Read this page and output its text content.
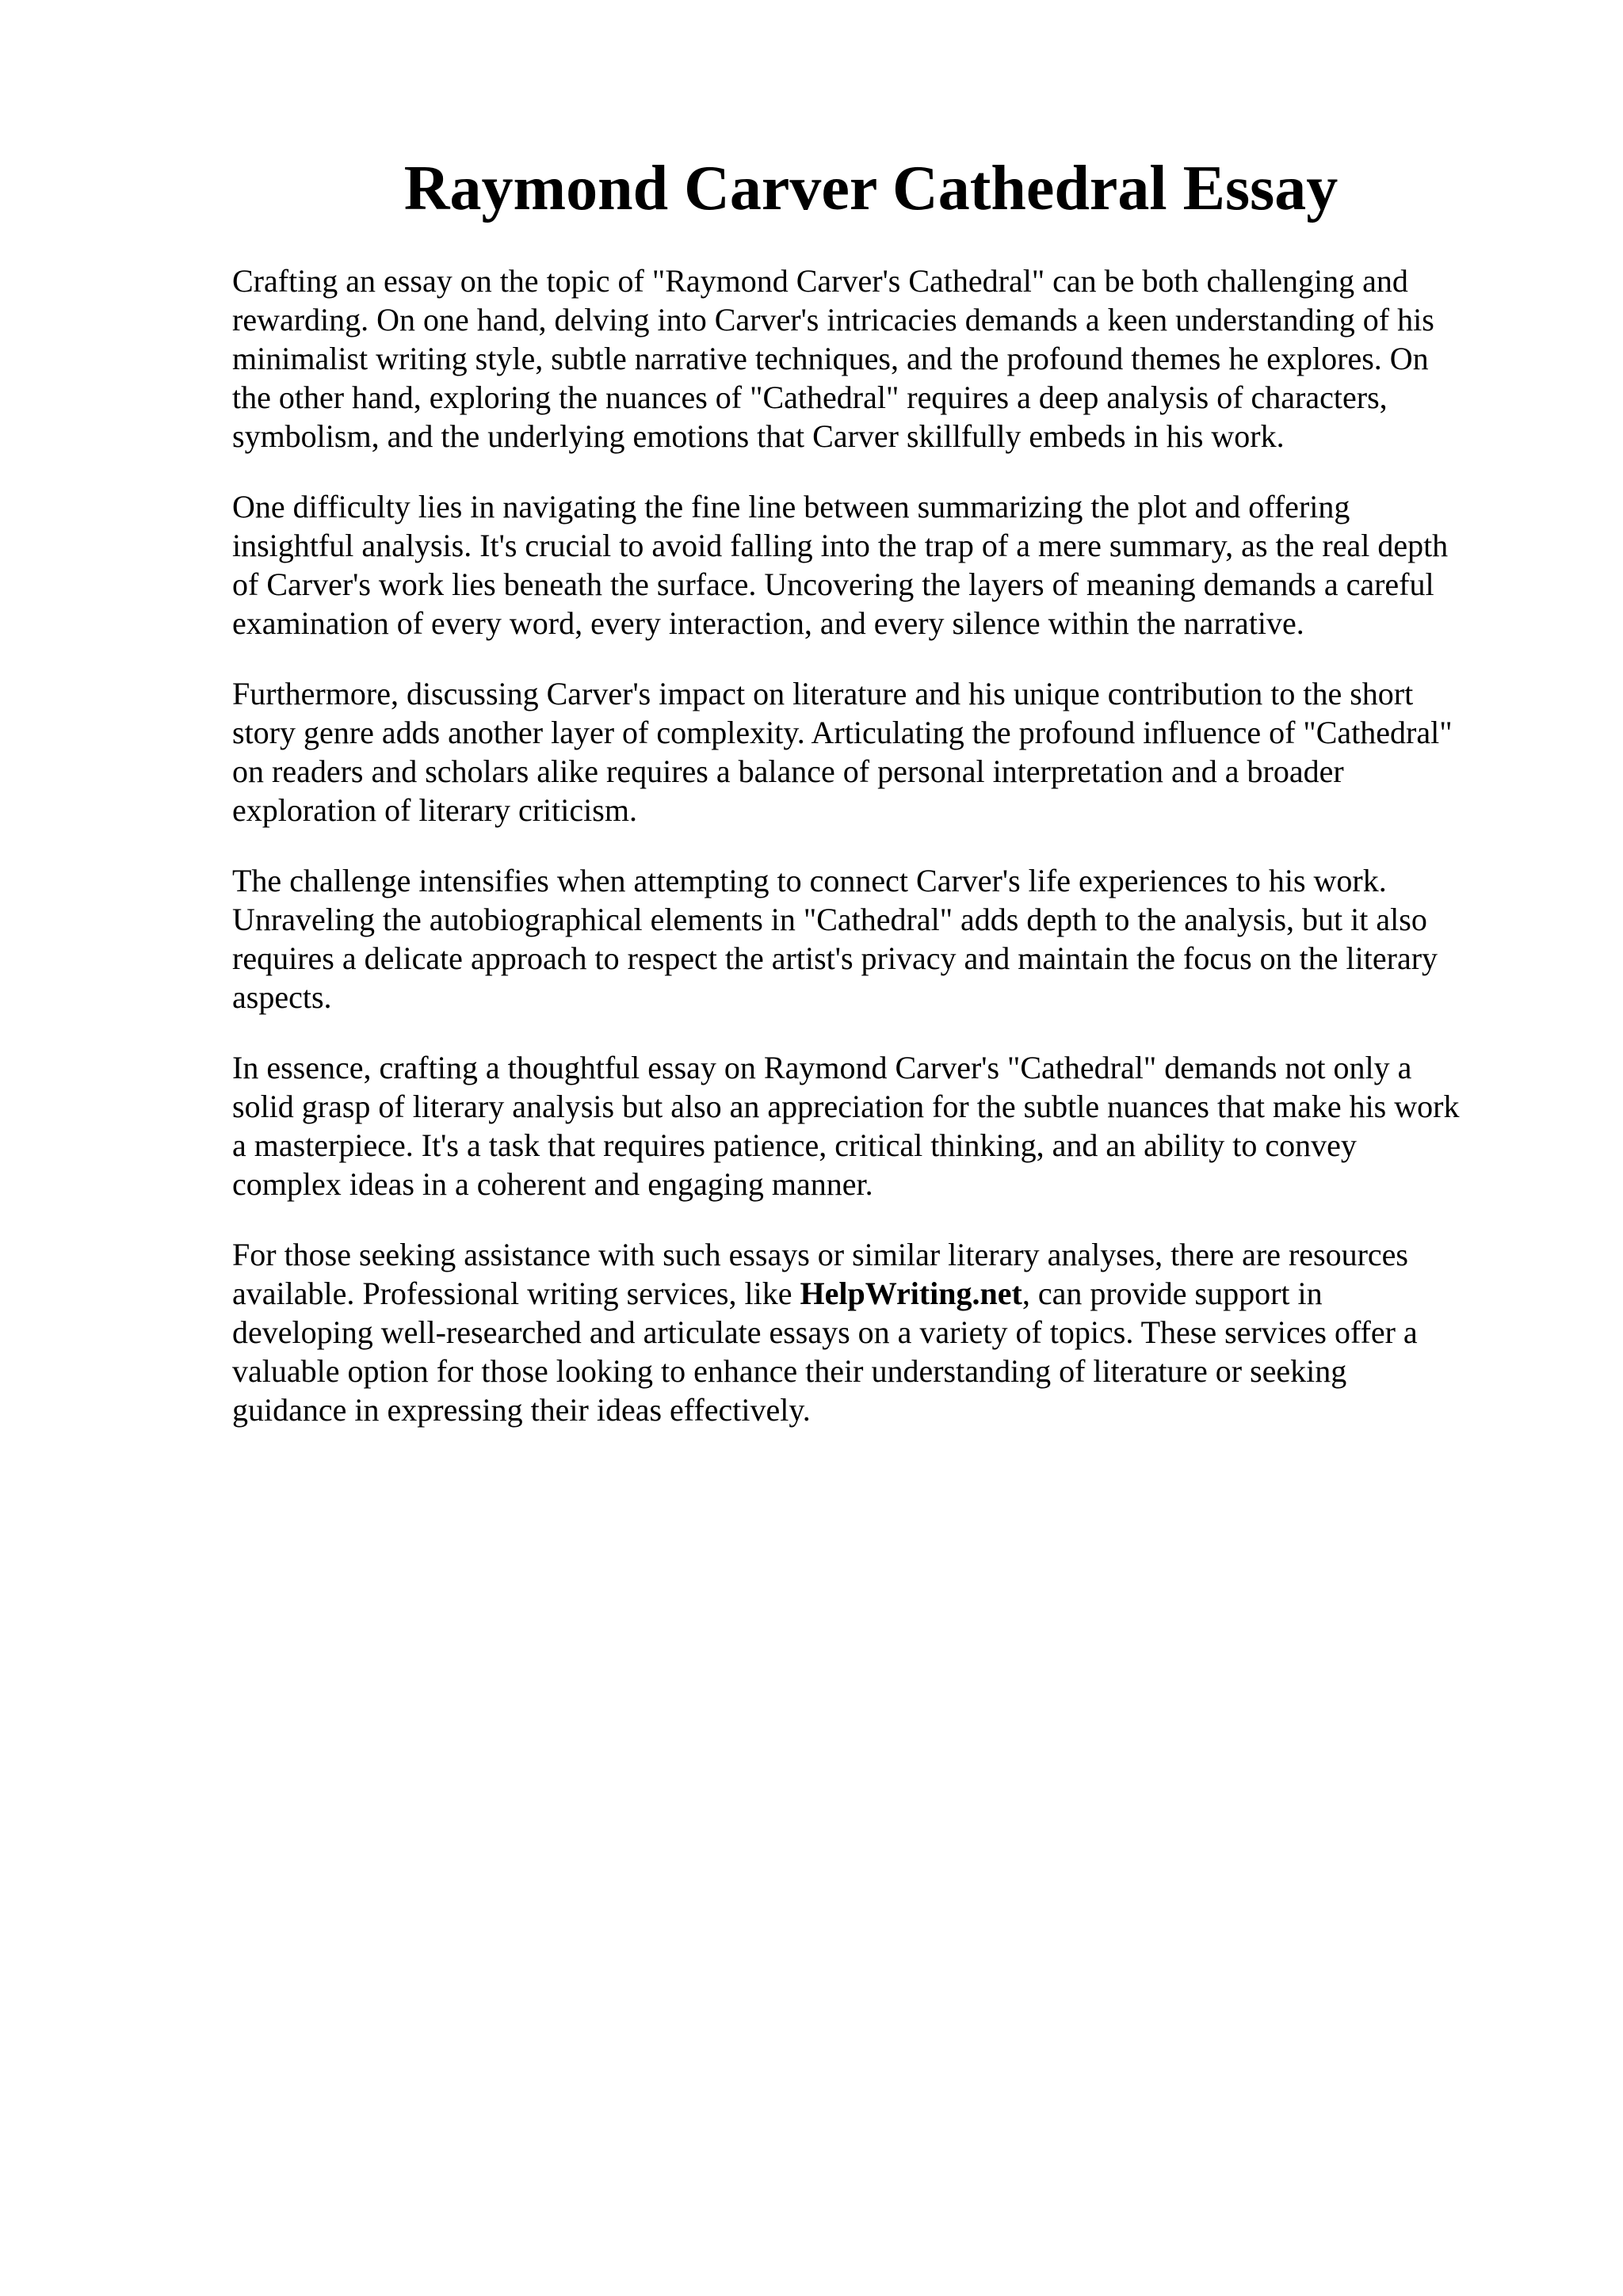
Raymond Carver Cathedral Essay

Crafting an essay on the topic of "Raymond Carver's Cathedral" can be both challenging and
rewarding. On one hand, delving into Carver's intricacies demands a keen understanding of his
minimalist writing style, subtle narrative techniques, and the profound themes he explores. On
the other hand, exploring the nuances of "Cathedral" requires a deep analysis of characters,
symbolism, and the underlying emotions that Carver skillfully embeds in his work.

One difficulty lies in navigating the fine line between summarizing the plot and offering
insightful analysis. It's crucial to avoid falling into the trap of a mere summary, as the real depth
of Carver's work lies beneath the surface. Uncovering the layers of meaning demands a careful
examination of every word, every interaction, and every silence within the narrative.

Furthermore, discussing Carver's impact on literature and his unique contribution to the short
story genre adds another layer of complexity. Articulating the profound influence of "Cathedral"
on readers and scholars alike requires a balance of personal interpretation and a broader
exploration of literary criticism.

The challenge intensifies when attempting to connect Carver's life experiences to his work.
Unraveling the autobiographical elements in "Cathedral" adds depth to the analysis, but it also
requires a delicate approach to respect the artist's privacy and maintain the focus on the literary
aspects.

In essence, crafting a thoughtful essay on Raymond Carver's "Cathedral" demands not only a
solid grasp of literary analysis but also an appreciation for the subtle nuances that make his work
a masterpiece. It's a task that requires patience, critical thinking, and an ability to convey
complex ideas in a coherent and engaging manner.

For those seeking assistance with such essays or similar literary analyses, there are resources
available. Professional writing services, like HelpWriting.net, can provide support in
developing well-researched and articulate essays on a variety of topics. These services offer a
valuable option for those looking to enhance their understanding of literature or seeking
guidance in expressing their ideas effectively.
